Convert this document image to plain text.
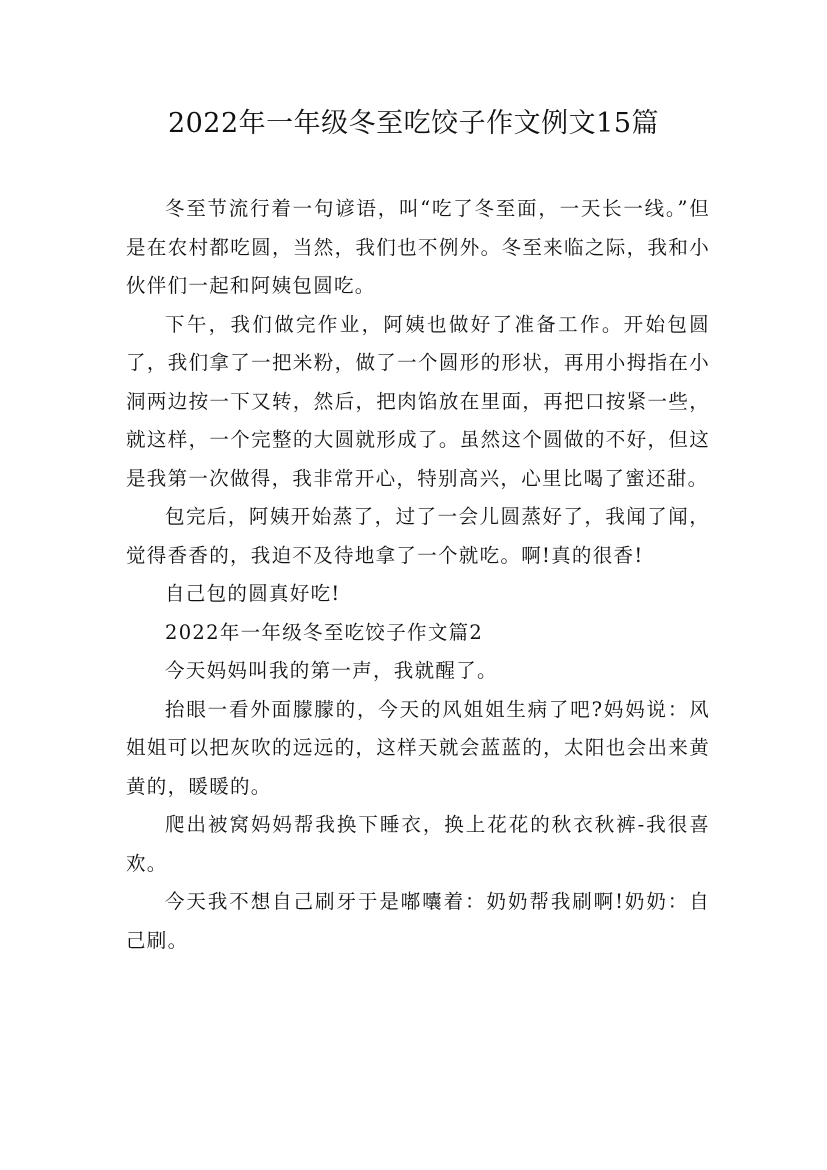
2022年一年级冬至吃饺子作文例文15篇

冬至节流行着一句谚语，叫“吃了冬至面，一天长一线。”但是在农村都吃圆，当然，我们也不例外。冬至来临之际，我和小伙伴们一起和阿姨包圆吃。

下午，我们做完作业，阿姨也做好了准备工作。开始包圆了，我们拿了一把米粉，做了一个圆形的形状，再用小拇指在小洞两边按一下又转，然后，把肉馅放在里面，再把口按紧一些，就这样，一个完整的大圆就形成了。虽然这个圆做的不好，但这是我第一次做得，我非常开心，特别高兴，心里比喝了蜜还甜。

包完后，阿姨开始蒸了，过了一会儿圆蒸好了，我闻了闻，觉得香香的，我迫不及待地拿了一个就吃。啊!真的很香!

自己包的圆真好吃!

2022年一年级冬至吃饺子作文篇2

今天妈妈叫我的第一声，我就醒了。

抬眼一看外面朦朦的，今天的风姐姐生病了吧?妈妈说：风姐姐可以把灰吹的远远的，这样天就会蓝蓝的，太阳也会出来黄黄的，暖暖的。

爬出被窝妈妈帮我换下睡衣，换上花花的秋衣秋裤-我很喜欢。

今天我不想自己刷牙于是嘟囔着：奶奶帮我刷啊!奶奶：自己刷。
